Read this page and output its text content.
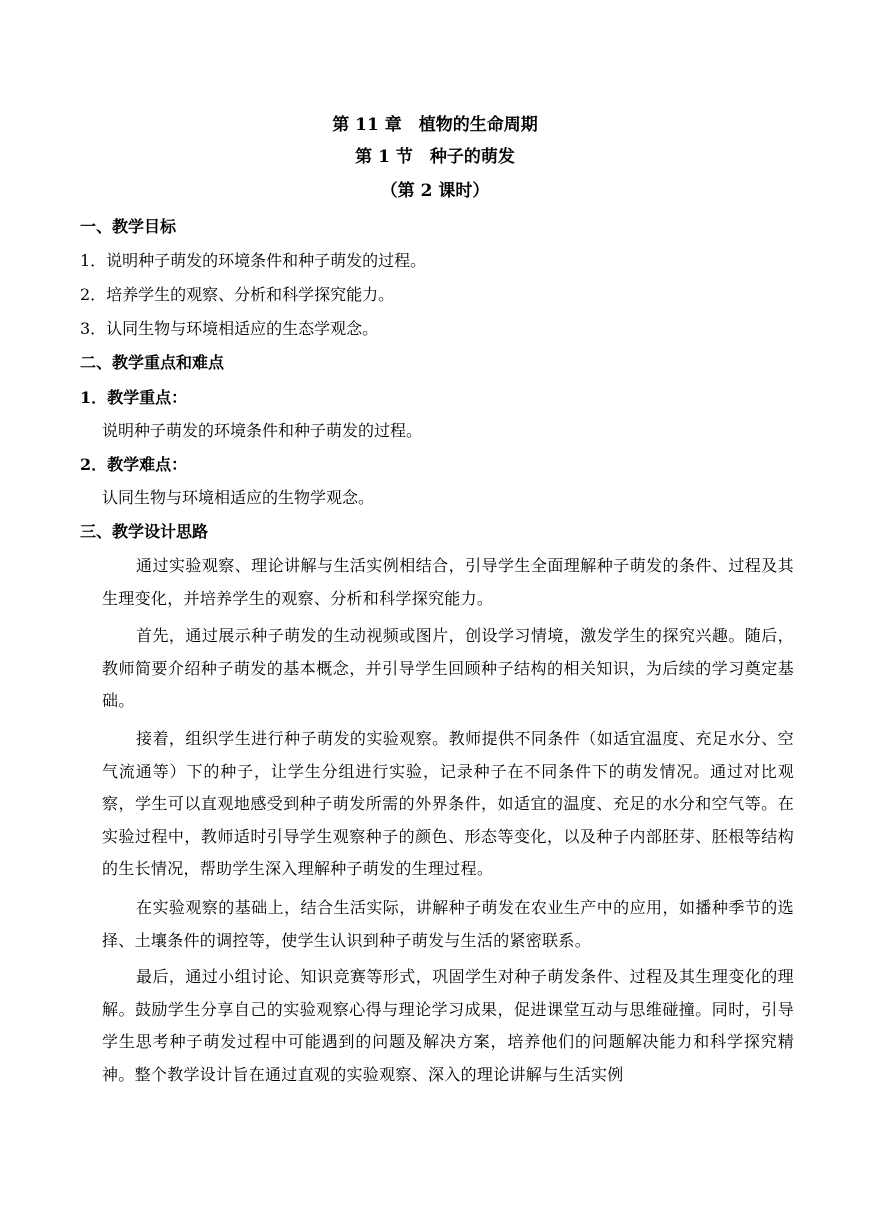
第 11 章　植物的生命周期
第 1 节　种子的萌发
（第 2 课时）
一、教学目标
1．说明种子萌发的环境条件和种子萌发的过程。
2．培养学生的观察、分析和科学探究能力。
3．认同生物与环境相适应的生态学观念。
二、教学重点和难点
1．教学重点：
说明种子萌发的环境条件和种子萌发的过程。
2．教学难点：
认同生物与环境相适应的生物学观念。
三、教学设计思路
通过实验观察、理论讲解与生活实例相结合，引导学生全面理解种子萌发的条件、过程及其生理变化，并培养学生的观察、分析和科学探究能力。
首先，通过展示种子萌发的生动视频或图片，创设学习情境，激发学生的探究兴趣。随后，教师简要介绍种子萌发的基本概念，并引导学生回顾种子结构的相关知识，为后续的学习奠定基础。
接着，组织学生进行种子萌发的实验观察。教师提供不同条件（如适宜温度、充足水分、空气流通等）下的种子，让学生分组进行实验，记录种子在不同条件下的萌发情况。通过对比观察，学生可以直观地感受到种子萌发所需的外界条件，如适宜的温度、充足的水分和空气等。在实验过程中，教师适时引导学生观察种子的颜色、形态等变化，以及种子内部胚芽、胚根等结构的生长情况，帮助学生深入理解种子萌发的生理过程。
在实验观察的基础上，结合生活实际，讲解种子萌发在农业生产中的应用，如播种季节的选择、土壤条件的调控等，使学生认识到种子萌发与生活的紧密联系。
最后，通过小组讨论、知识竞赛等形式，巩固学生对种子萌发条件、过程及其生理变化的理解。鼓励学生分享自己的实验观察心得与理论学习成果，促进课堂互动与思维碰撞。同时，引导学生思考种子萌发过程中可能遇到的问题及解决方案，培养他们的问题解决能力和科学探究精神。整个教学设计旨在通过直观的实验观察、深入的理论讲解与生活实例
